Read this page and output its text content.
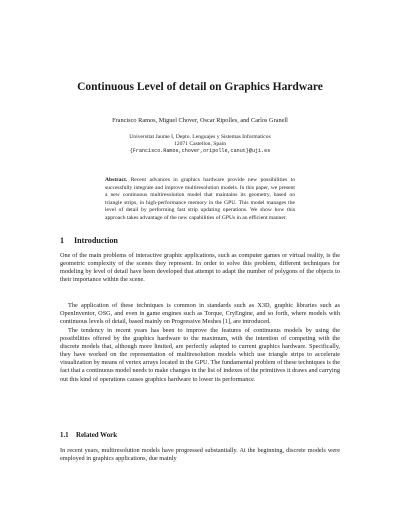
Continuous Level of detail on Graphics Hardware
Francisco Ramos, Miguel Chover, Oscar Ripolles, and Carlos Granell
Universitat Jaume I, Depto. Lenguajes y Sistemas Informaticos
12071 Castellon, Spain
{Francisco.Ramos,chover,oripolle,canut}@uji.es
Abstract. Recent advances in graphics hardware provide new possibilities to successfully integrate and improve multiresolution models. In this paper, we present a new continuous multiresolution model that maintains its geometry, based on triangle strips, in high-performance memory in the GPU. This model manages the level of detail by performing fast strip updating operations. We show how this approach takes advantage of the new capabilities of GPUs in an efficient manner.
1 Introduction

One of the main problems of interactive graphic applications, such as computer games or virtual reality, is the geometric complexity of the scenes they represent. In order to solve this problem, different techniques for modeling by level of detail have been developed that attempt to adapt the number of polygons of the objects to their importance within the scene.

The application of these techniques is common in standards such as X3D, graphic libraries such as OpenInventor, OSG, and even in game engines such as Torque, CryEngine, and so forth, where models with continuous levels of detail, based mainly on Progressive Meshes [1], are introduced.

The tendency in recent years has been to improve the features of continuous models by using the possibilities offered by the graphics hardware to the maximum, with the intention of competing with the discrete models that, although more limited, are perfectly adapted to current graphics hardware. Specifically, they have worked on the representation of multiresolution models which use triangle strips to accelerate visualization by means of vertex arrays located in the GPU. The fundamental problem of these techniques is the fact that a continuous model needs to make changes in the list of indexes of the primitives it draws and carrying out this kind of operations causes graphics hardware to lower its performance.

1.1 Related Work

In recent years, multiresolution models have progressed substantially. At the beginning, discrete models were employed in graphics applications, due mainly
